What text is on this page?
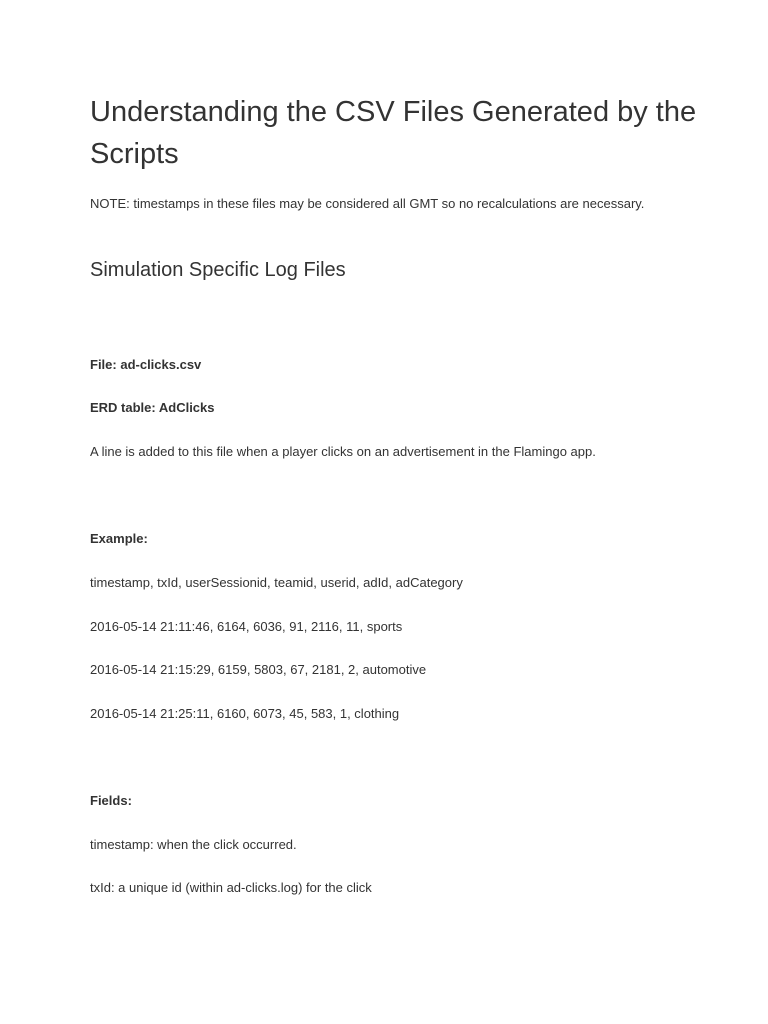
Understanding the CSV Files Generated by the Scripts

NOTE: timestamps in these files may be considered all GMT so no recalculations are necessary.

Simulation Specific Log Files

File: ad-clicks.csv

ERD table: AdClicks

A line is added to this file when a player clicks on an advertisement in the Flamingo app.

Example:

timestamp, txId, userSessionid, teamid, userid, adId, adCategory

2016-05-14 21:11:46, 6164, 6036, 91, 2116, 11, sports

2016-05-14 21:15:29, 6159, 5803, 67, 2181, 2, automotive

2016-05-14 21:25:11, 6160, 6073, 45, 583, 1, clothing

Fields:

timestamp: when the click occurred.

txId: a unique id (within ad-clicks.log) for the click
